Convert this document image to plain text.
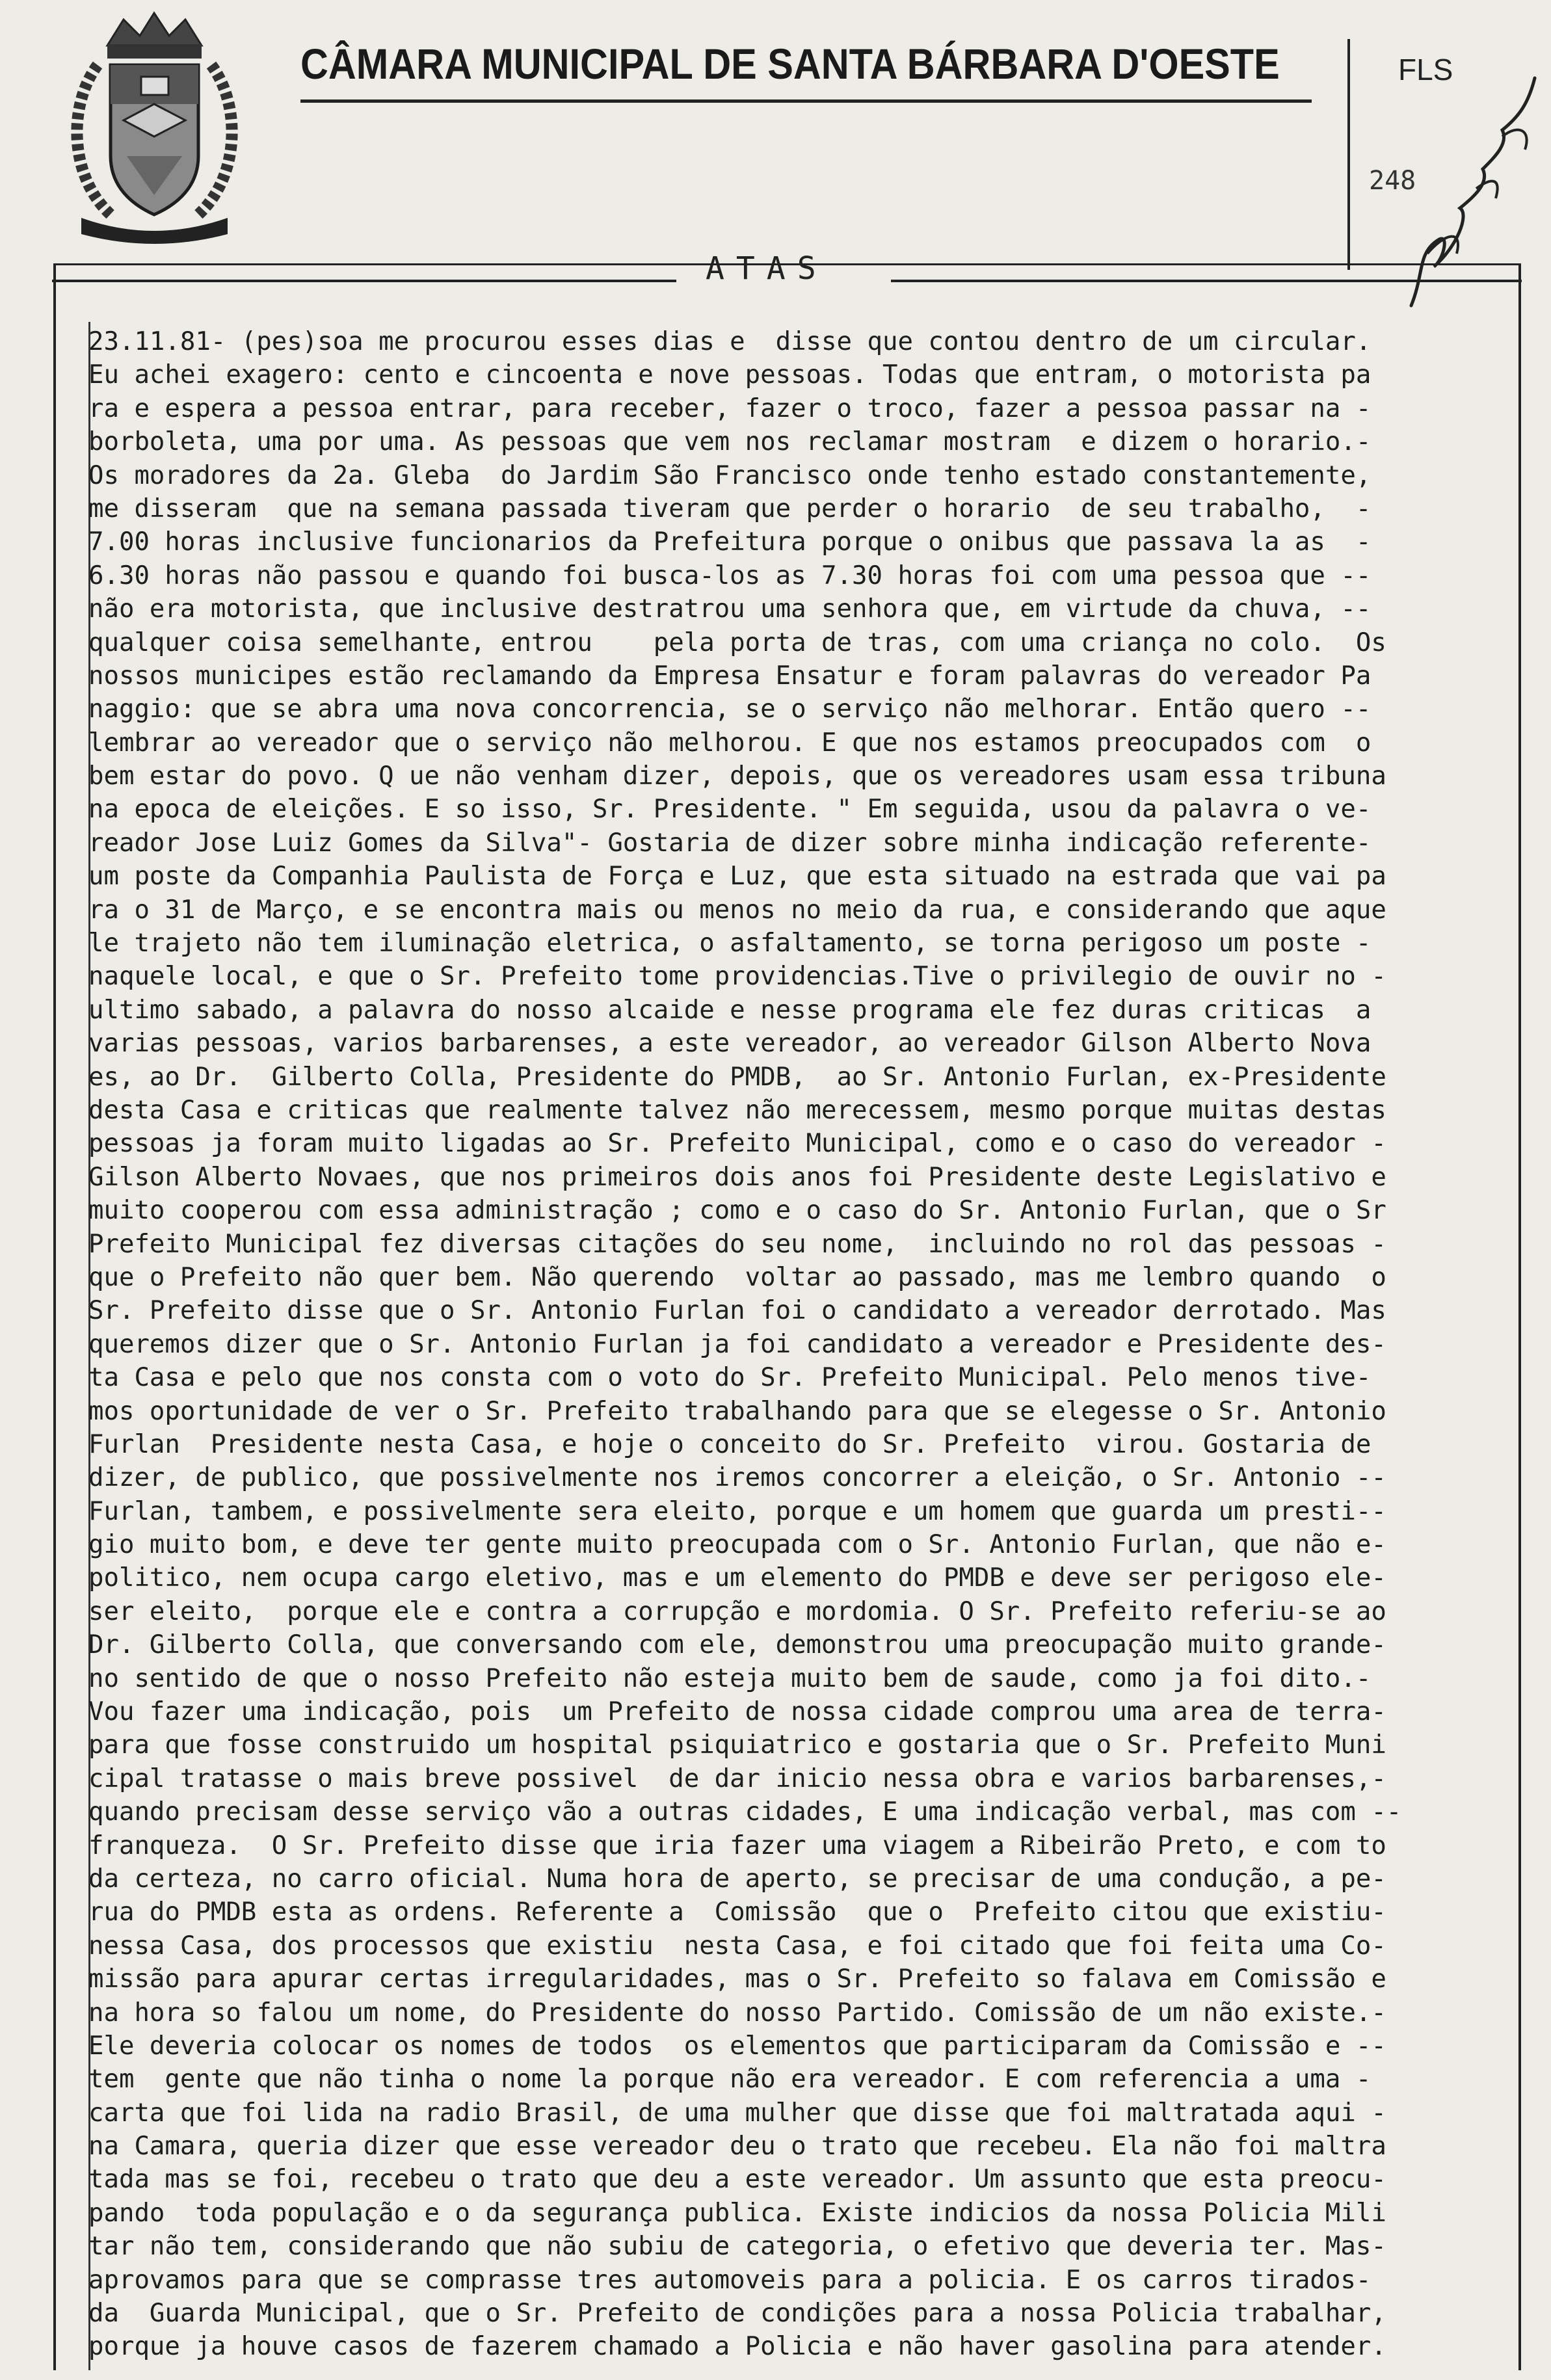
CÂMARA MUNICIPAL DE SANTA BÁRBARA D'OESTE	FLS
248
ATAS
23.11.81- (pes)soa me procurou esses dias e  disse que contou dentro de um circular.
Eu achei exagero: cento e cincoenta e nove pessoas. Todas que entram, o motorista pa
ra e espera a pessoa entrar, para receber, fazer o troco, fazer a pessoa passar na -
borboleta, uma por uma. As pessoas que vem nos reclamar mostram  e dizem o horario.-
Os moradores da 2a. Gleba  do Jardim São Francisco onde tenho estado constantemente,
me disseram  que na semana passada tiveram que perder o horario  de seu trabalho,  -
7.00 horas inclusive funcionarios da Prefeitura porque o onibus que passava la as  -
6.30 horas não passou e quando foi busca-los as 7.30 horas foi com uma pessoa que --
não era motorista, que inclusive destratrou uma senhora que, em virtude da chuva, --
qualquer coisa semelhante, entrou    pela porta de tras, com uma criança no colo.  Os
nossos municipes estão reclamando da Empresa Ensatur e foram palavras do vereador Pa
naggio: que se abra uma nova concorrencia, se o serviço não melhorar. Então quero --
lembrar ao vereador que o serviço não melhorou. E que nos estamos preocupados com  o
bem estar do povo. Q ue não venham dizer, depois, que os vereadores usam essa tribuna
na epoca de eleições. E so isso, Sr. Presidente. " Em seguida, usou da palavra o ve-
reador Jose Luiz Gomes da Silva"- Gostaria de dizer sobre minha indicação referente-
um poste da Companhia Paulista de Força e Luz, que esta situado na estrada que vai pa
ra o 31 de Março, e se encontra mais ou menos no meio da rua, e considerando que aque
le trajeto não tem iluminação eletrica, o asfaltamento, se torna perigoso um poste -
naquele local, e que o Sr. Prefeito tome providencias.Tive o privilegio de ouvir no -
ultimo sabado, a palavra do nosso alcaide e nesse programa ele fez duras criticas  a
varias pessoas, varios barbarenses, a este vereador, ao vereador Gilson Alberto Nova
es, ao Dr.  Gilberto Colla, Presidente do PMDB,  ao Sr. Antonio Furlan, ex-Presidente
desta Casa e criticas que realmente talvez não merecessem, mesmo porque muitas destas
pessoas ja foram muito ligadas ao Sr. Prefeito Municipal, como e o caso do vereador -
Gilson Alberto Novaes, que nos primeiros dois anos foi Presidente deste Legislativo e
muito cooperou com essa administração ; como e o caso do Sr. Antonio Furlan, que o Sr
Prefeito Municipal fez diversas citações do seu nome,  incluindo no rol das pessoas -
que o Prefeito não quer bem. Não querendo  voltar ao passado, mas me lembro quando  o
Sr. Prefeito disse que o Sr. Antonio Furlan foi o candidato a vereador derrotado. Mas
queremos dizer que o Sr. Antonio Furlan ja foi candidato a vereador e Presidente des-
ta Casa e pelo que nos consta com o voto do Sr. Prefeito Municipal. Pelo menos tive-
mos oportunidade de ver o Sr. Prefeito trabalhando para que se elegesse o Sr. Antonio
Furlan  Presidente nesta Casa, e hoje o conceito do Sr. Prefeito  virou. Gostaria de
dizer, de publico, que possivelmente nos iremos concorrer a eleição, o Sr. Antonio --
Furlan, tambem, e possivelmente sera eleito, porque e um homem que guarda um presti--
gio muito bom, e deve ter gente muito preocupada com o Sr. Antonio Furlan, que não e-
politico, nem ocupa cargo eletivo, mas e um elemento do PMDB e deve ser perigoso ele-
ser eleito,  porque ele e contra a corrupção e mordomia. O Sr. Prefeito referiu-se ao
Dr. Gilberto Colla, que conversando com ele, demonstrou uma preocupação muito grande-
no sentido de que o nosso Prefeito não esteja muito bem de saude, como ja foi dito.-
Vou fazer uma indicação, pois  um Prefeito de nossa cidade comprou uma area de terra-
para que fosse construido um hospital psiquiatrico e gostaria que o Sr. Prefeito Muni
cipal tratasse o mais breve possivel  de dar inicio nessa obra e varios barbarenses,-
quando precisam desse serviço vão a outras cidades, E uma indicação verbal, mas com --
franqueza.  O Sr. Prefeito disse que iria fazer uma viagem a Ribeirão Preto, e com to
da certeza, no carro oficial. Numa hora de aperto, se precisar de uma condução, a pe-
rua do PMDB esta as ordens. Referente a  Comissão  que o  Prefeito citou que existiu-
nessa Casa, dos processos que existiu  nesta Casa, e foi citado que foi feita uma Co-
missão para apurar certas irregularidades, mas o Sr. Prefeito so falava em Comissão e
na hora so falou um nome, do Presidente do nosso Partido. Comissão de um não existe.-
Ele deveria colocar os nomes de todos  os elementos que participaram da Comissão e --
tem  gente que não tinha o nome la porque não era vereador. E com referencia a uma -
carta que foi lida na radio Brasil, de uma mulher que disse que foi maltratada aqui -
na Camara, queria dizer que esse vereador deu o trato que recebeu. Ela não foi maltra
tada mas se foi, recebeu o trato que deu a este vereador. Um assunto que esta preocu-
pando  toda população e o da segurança publica. Existe indicios da nossa Policia Mili
tar não tem, considerando que não subiu de categoria, o efetivo que deveria ter. Mas-
aprovamos para que se comprasse tres automoveis para a policia. E os carros tirados-
da  Guarda Municipal, que o Sr. Prefeito de condições para a nossa Policia trabalhar,
porque ja houve casos de fazerem chamado a Policia e não haver gasolina para atender.
